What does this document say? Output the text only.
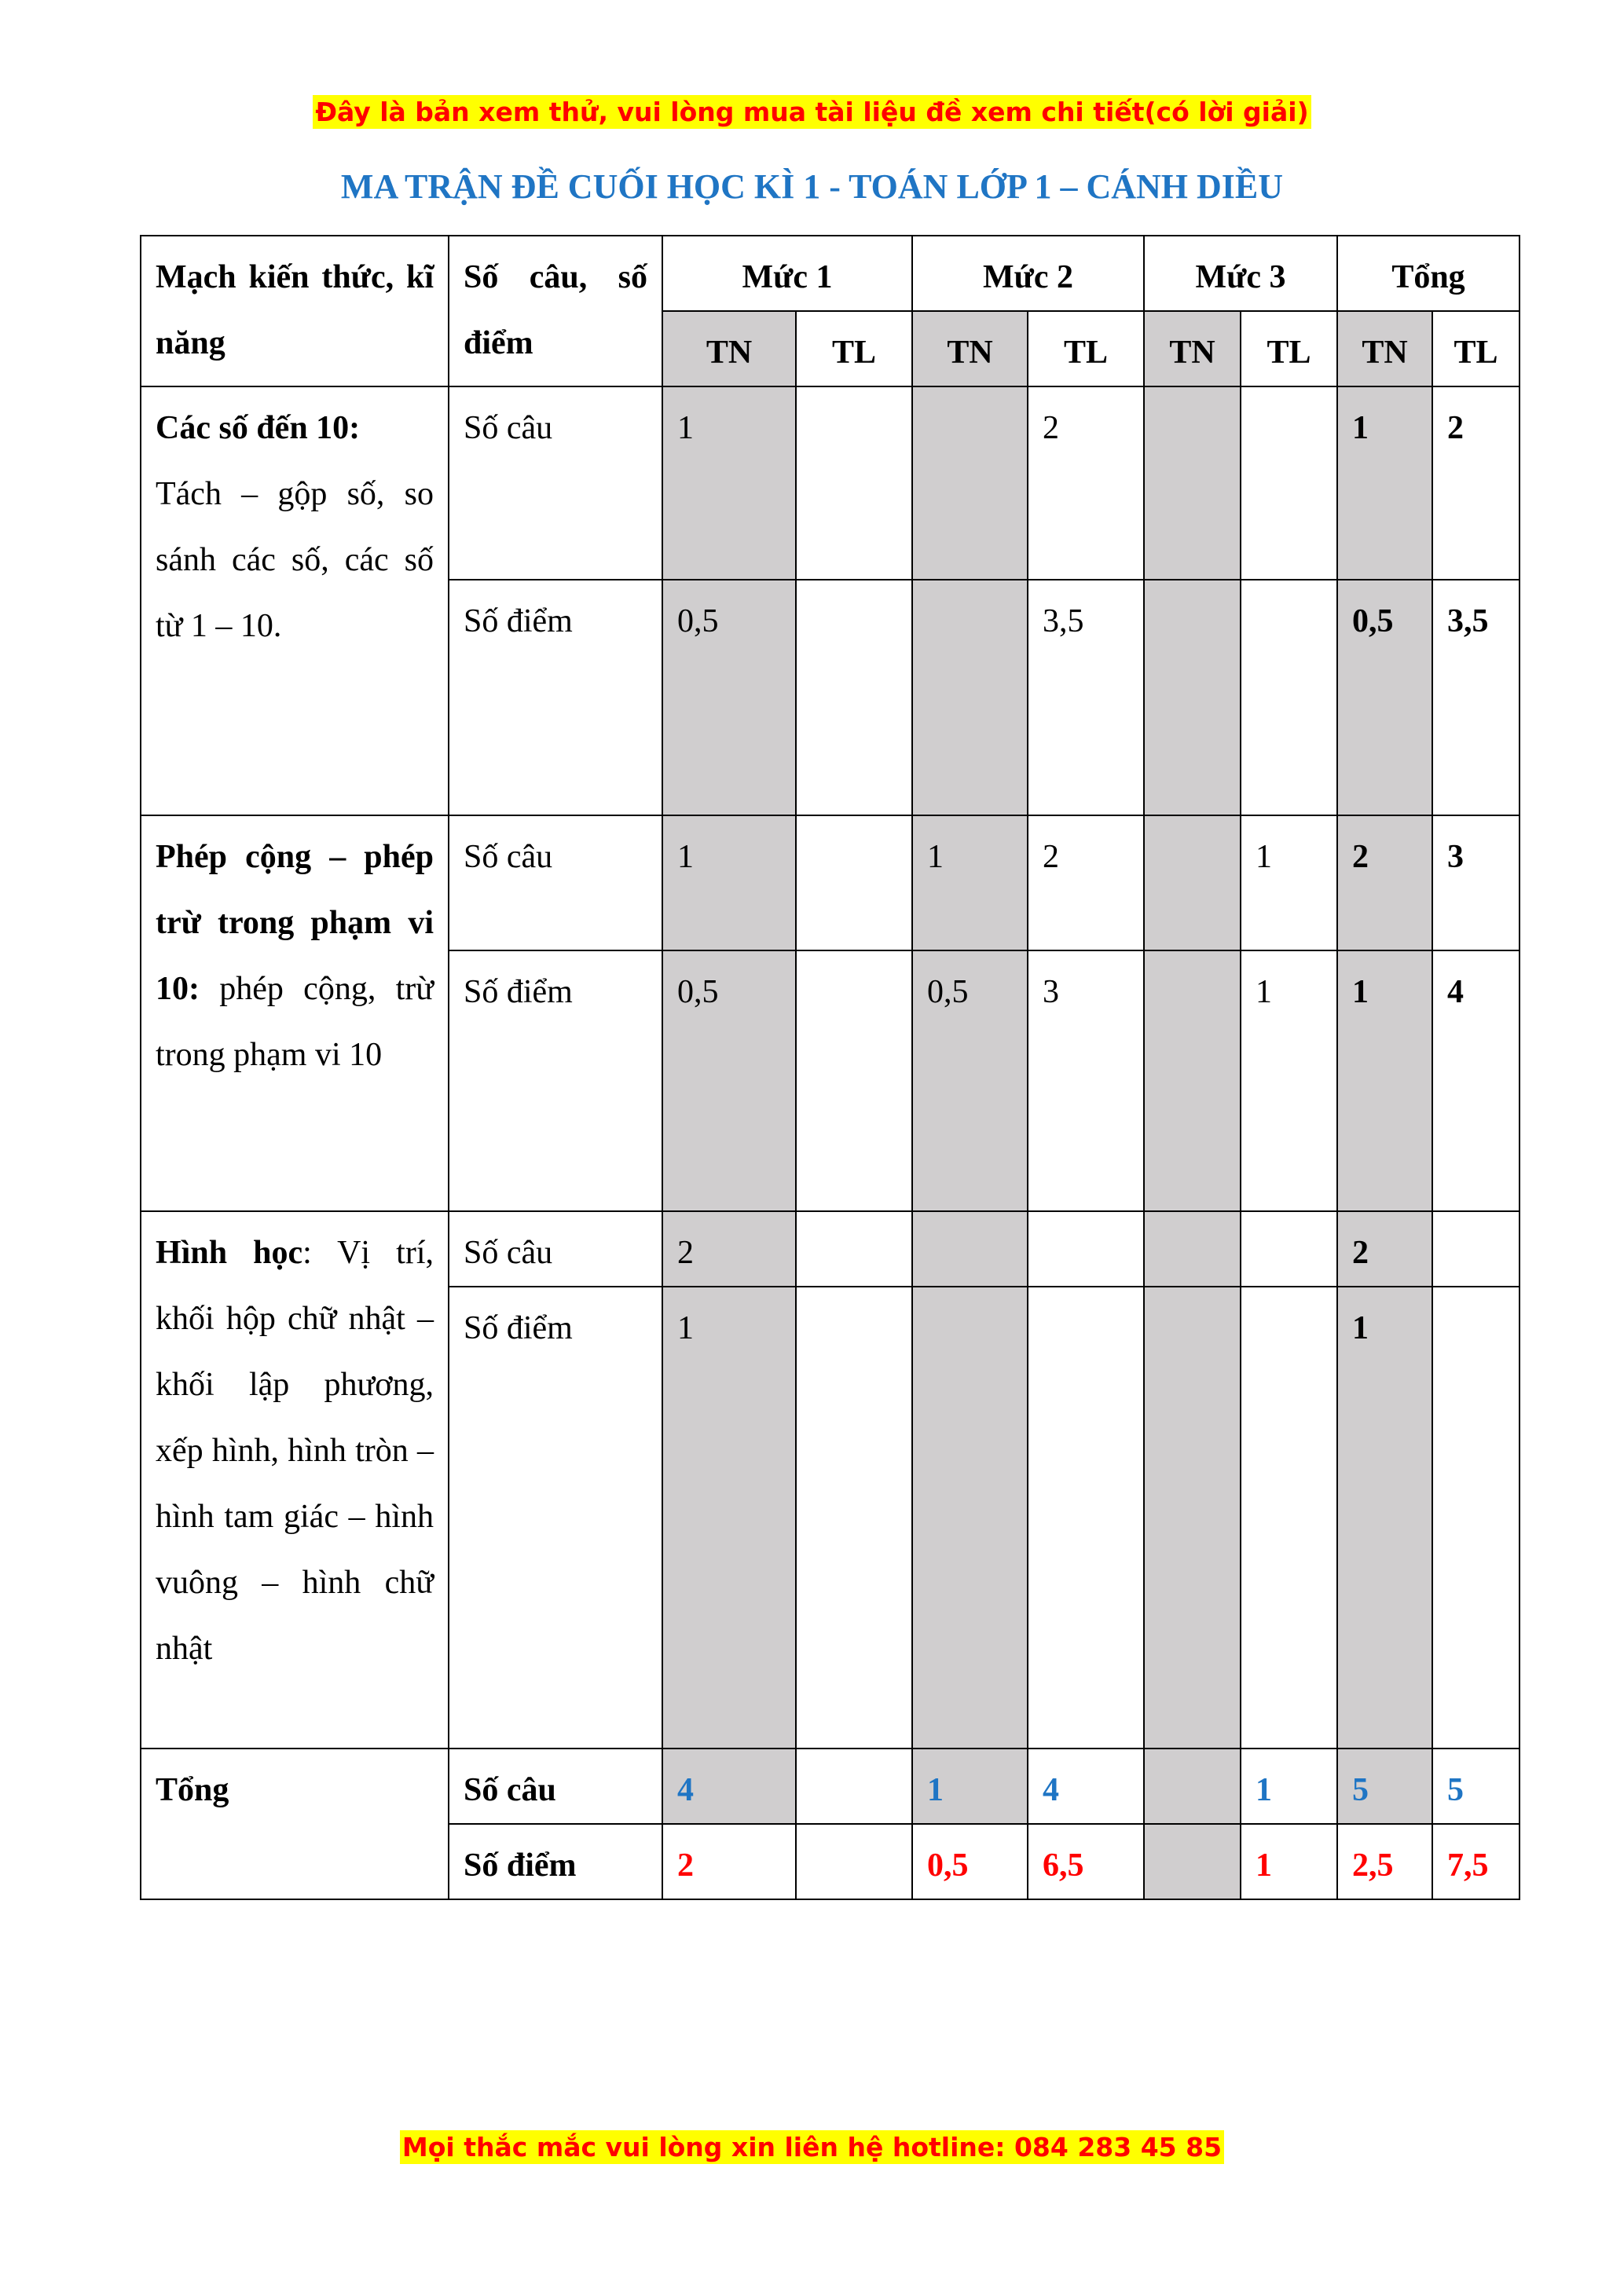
Đây là bản xem thử, vui lòng mua tài liệu đề xem chi tiết(có lời giải)
MA TRẬN ĐỀ CUỐI HỌC KÌ 1 - TOÁN LỚP 1 – CÁNH DIỀU
Mạch kiến thức, kĩ năng	Số câu, số điểm	Mức 1		Mức 2		Mức 3		Tổng	
		TN	TL	TN	TL	TN	TL	TN	TL
Các số đến 10:
Tách – gộp số, so sánh các số, các số từ 1 – 10.	Số câu	1			2			1	2
	Số điểm	0,5			3,5			0,5	3,5
Phép cộng – phép trừ trong phạm vi 10: phép cộng, trừ trong phạm vi 10	Số câu	1		1	2		1	2	3
	Số điểm	0,5		0,5	3		1	1	4
Hình học: Vị trí, khối hộp chữ nhật – khối lập phương, xếp hình, hình tròn – hình tam giác – hình vuông – hình chữ nhật	Số câu	2						2	
	Số điểm	1						1	
Tổng	Số câu	4		1	4		1	5	5
	Số điểm	2		0,5	6,5		1	2,5	7,5
Mọi thắc mắc vui lòng xin liên hệ hotline: 084 283 45 85
